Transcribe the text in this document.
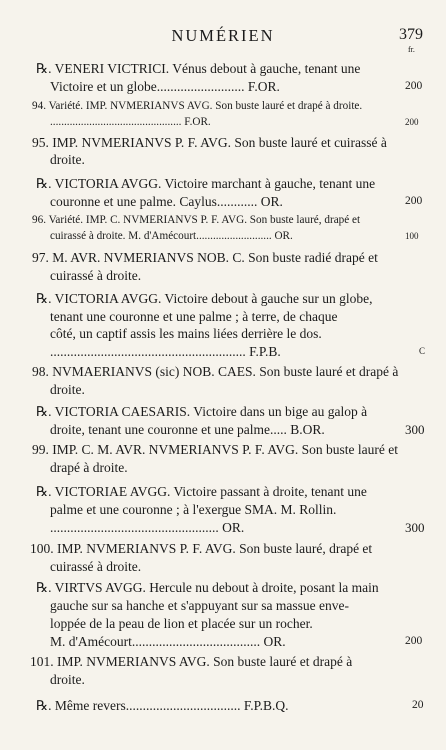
NUMÉRIEN	379
fr.
℞. VENERI VICTRICI. Vénus debout à gauche, tenant une
Victoire et un globe.......................... F.OR.	200
94. Variété. IMP. NVMERIANVS AVG. Son buste lauré et drapé à droite.
............................................... F.OR.	200
95. IMP. NVMERIANVS P. F. AVG. Son buste lauré et cuirassé à
droite.
℞. VICTORIA AVGG. Victoire marchant à gauche, tenant une
couronne et une palme. Caylus............ OR.	200
96. Variété. IMP. C. NVMERIANVS P. F. AVG. Son buste lauré, drapé et
cuirassé à droite. M. d'Amécourt........................... OR.	100
97. M. AVR. NVMERIANVS NOB. C. Son buste radié drapé et
cuirassé à droite.
℞. VICTORIA AVGG. Victoire debout à gauche sur un globe,
tenant une couronne et une palme ; à terre, de chaque
côté, un captif assis les mains liées derrière le dos.
.......................................................... F.P.B.	C
98. NVMAERIANVS (sic) NOB. CAES. Son buste lauré et drapé à
droite.
℞. VICTORIA CAESARIS. Victoire dans un bige au galop à
droite, tenant une couronne et une palme..... B.OR.	300
99. IMP. C. M. AVR. NVMERIANVS P. F. AVG. Son buste lauré et
drapé à droite.
℞. VICTORIAE AVGG. Victoire passant à droite, tenant une
palme et une couronne ; à l'exergue SMA. M. Rollin.
.................................................. OR.	300
100. IMP. NVMERIANVS P. F. AVG. Son buste lauré, drapé et
cuirassé à droite.
℞. VIRTVS AVGG. Hercule nu debout à droite, posant la main
gauche sur sa hanche et s'appuyant sur sa massue enve-
loppée de la peau de lion et placée sur un rocher.
M. d'Amécourt...................................... OR.	200
101. IMP. NVMERIANVS AVG. Son buste lauré et drapé à
droite.
℞. Même revers.................................. F.P.B.Q.	20
